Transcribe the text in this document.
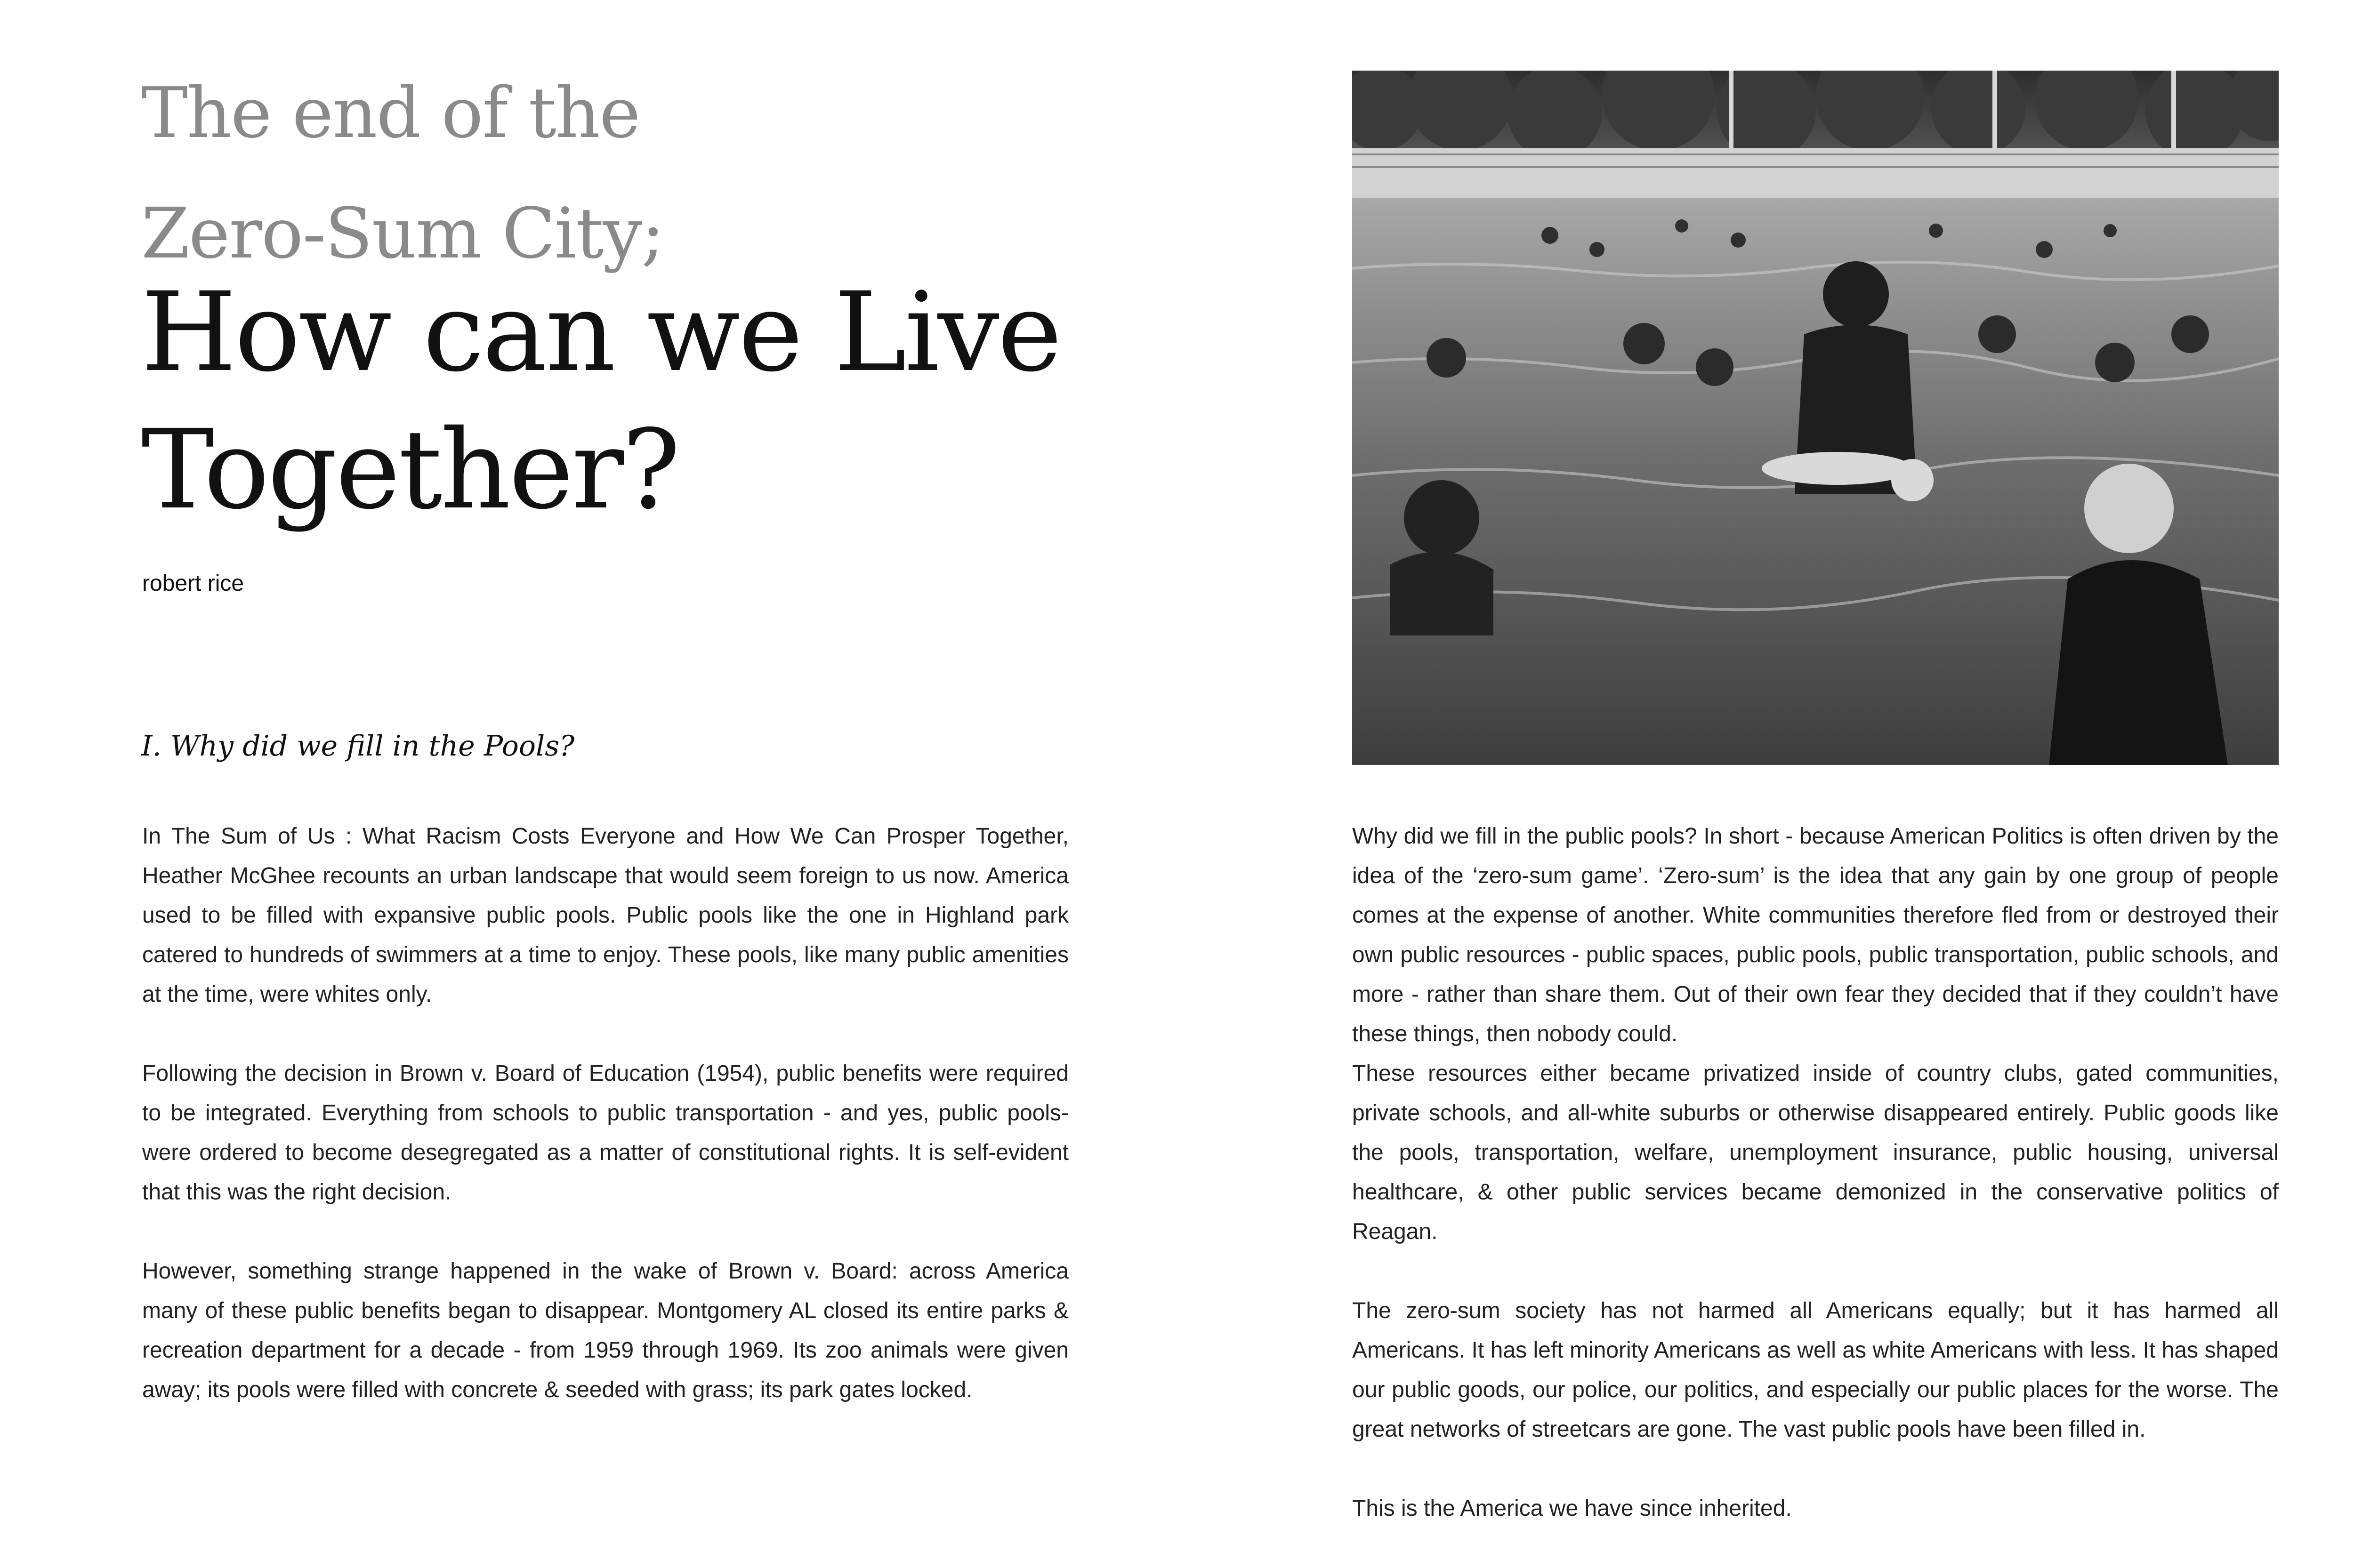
The end of the
Zero-Sum City;
How can we Live
Together?
robert rice
I. Why did we fill in the Pools?

In The Sum of Us : What Racism Costs Everyone and How We Can Prosper Together, Heather McGhee recounts an urban landscape that would seem foreign to us now. America used to be filled with expansive public pools. Public pools like the one in Highland park catered to hundreds of swimmers at a time to enjoy. These pools, like many public amenities at the time, were whites only.

Following the decision in Brown v. Board of Education (1954), public benefits were required to be integrated. Everything from schools to public transportation - and yes, public pools- were ordered to become desegregated as a matter of constitutional rights. It is self-evident that this was the right decision.

However, something strange happened in the wake of Brown v. Board: across America many of these public benefits began to disappear. Montgomery AL closed its entire parks & recreation department for a decade - from 1959 through 1969. Its zoo animals were given away; its pools were filled with concrete & seeded with grass; its park gates locked.

Why did we fill in the public pools? In short - because American Politics is often driven by the idea of the ‘zero-sum game’. ‘Zero-sum’ is the idea that any gain by one group of people comes at the expense of another. White communities therefore fled from or destroyed their own public resources - public spaces, public pools, public transportation, public schools, and more - rather than share them. Out of their own fear they decided that if they couldn’t have these things, then nobody could.

These resources either became privatized inside of country clubs, gated communities, private schools, and all-white suburbs or otherwise disappeared entirely. Public goods like the pools, transportation, welfare, unemployment insurance, public housing, universal healthcare, & other public services became demonized in the conservative politics of Reagan.

The zero-sum society has not harmed all Americans equally; but it has harmed all Americans. It has left minority Americans as well as white Americans with less. It has shaped our public goods, our police, our politics, and especially our public places for the worse. The great networks of streetcars are gone. The vast public pools have been filled in.

This is the America we have since inherited.
